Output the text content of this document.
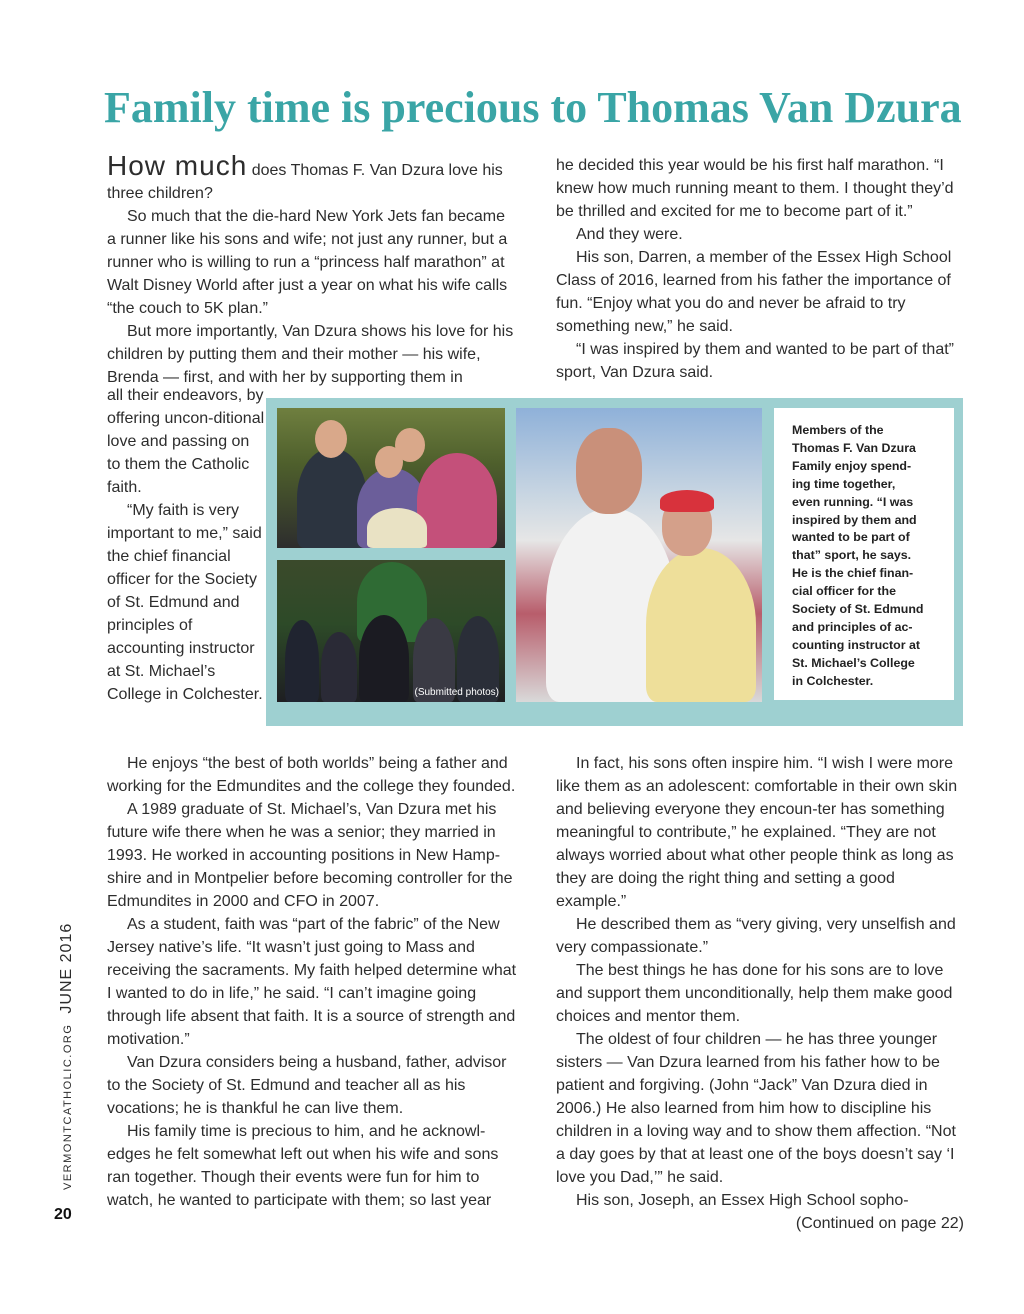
Family time is precious to Thomas Van Dzura

How much does Thomas F. Van Dzura love his three children?

So much that the die-hard New York Jets fan became a runner like his sons and wife; not just any runner, but a runner who is willing to run a “princess half marathon” at Walt Disney World after just a year on what his wife calls “the couch to 5K plan.”

But more importantly, Van Dzura shows his love for his children by putting them and their mother — his wife, Brenda — first, and with her by supporting them in

all their endeavors, by offering uncon-ditional love and passing on to them the Catholic faith.

“My faith is very important to me,” said the chief financial officer for the Society of St. Edmund and principles of accounting instructor at St. Michael’s College in Colchester.

He enjoys “the best of both worlds” being a father and working for the Edmundites and the college they founded.

A 1989 graduate of St. Michael’s, Van Dzura met his future wife there when he was a senior; they married in 1993. He worked in accounting positions in New Hamp-shire and in Montpelier before becoming controller for the Edmundites in 2000 and CFO in 2007.

As a student, faith was “part of the fabric” of the New Jersey native’s life. “It wasn’t just going to Mass and receiving the sacraments. My faith helped determine what I wanted to do in life,” he said. “I can’t imagine going through life absent that faith. It is a source of strength and motivation.”

Van Dzura considers being a husband, father, advisor to the Society of St. Edmund and teacher all as his vocations; he is thankful he can live them.

His family time is precious to him, and he acknowl-edges he felt somewhat left out when his wife and sons ran together. Though their events were fun for him to watch, he wanted to participate with them; so last year

he decided this year would be his first half marathon. “I knew how much running meant to them. I thought they’d be thrilled and excited for me to become part of it.”

And they were.

His son, Darren, a member of the Essex High School Class of 2016, learned from his father the importance of fun. “Enjoy what you do and never be afraid to try something new,” he said.

“I was inspired by them and wanted to be part of that” sport, Van Dzura said.

In fact, his sons often inspire him. “I wish I were more like them as an adolescent: comfortable in their own skin and believing everyone they encoun-ter has something meaningful to contribute,” he explained. “They are not always worried about what other people think as long as they are doing the right thing and setting a good example.”

He described them as “very giving, very unselfish and very compassionate.”

The best things he has done for his sons are to love and support them unconditionally, help them make good choices and mentor them.

The oldest of four children — he has three younger sisters — Van Dzura learned from his father how to be patient and forgiving. (John “Jack” Van Dzura died in 2006.) He also learned from him how to discipline his children in a loving way and to show them affection. “Not a day goes by that at least one of the boys doesn’t say ‘I love you Dad,’” he said.

His son, Joseph, an Essex High School sopho-

(Continued on page 22)

(Submitted photos)

Members of the
Thomas F. Van Dzura
Family enjoy spend-
ing time together,
even running. “I was
inspired by them and
wanted to be part of
that” sport, he says.
He is the chief finan-
cial officer for the
Society of St. Edmund
and principles of ac-
counting instructor at
St. Michael’s College
in Colchester.

VERMONTCATHOLIC.ORGJUNE 2016
20
